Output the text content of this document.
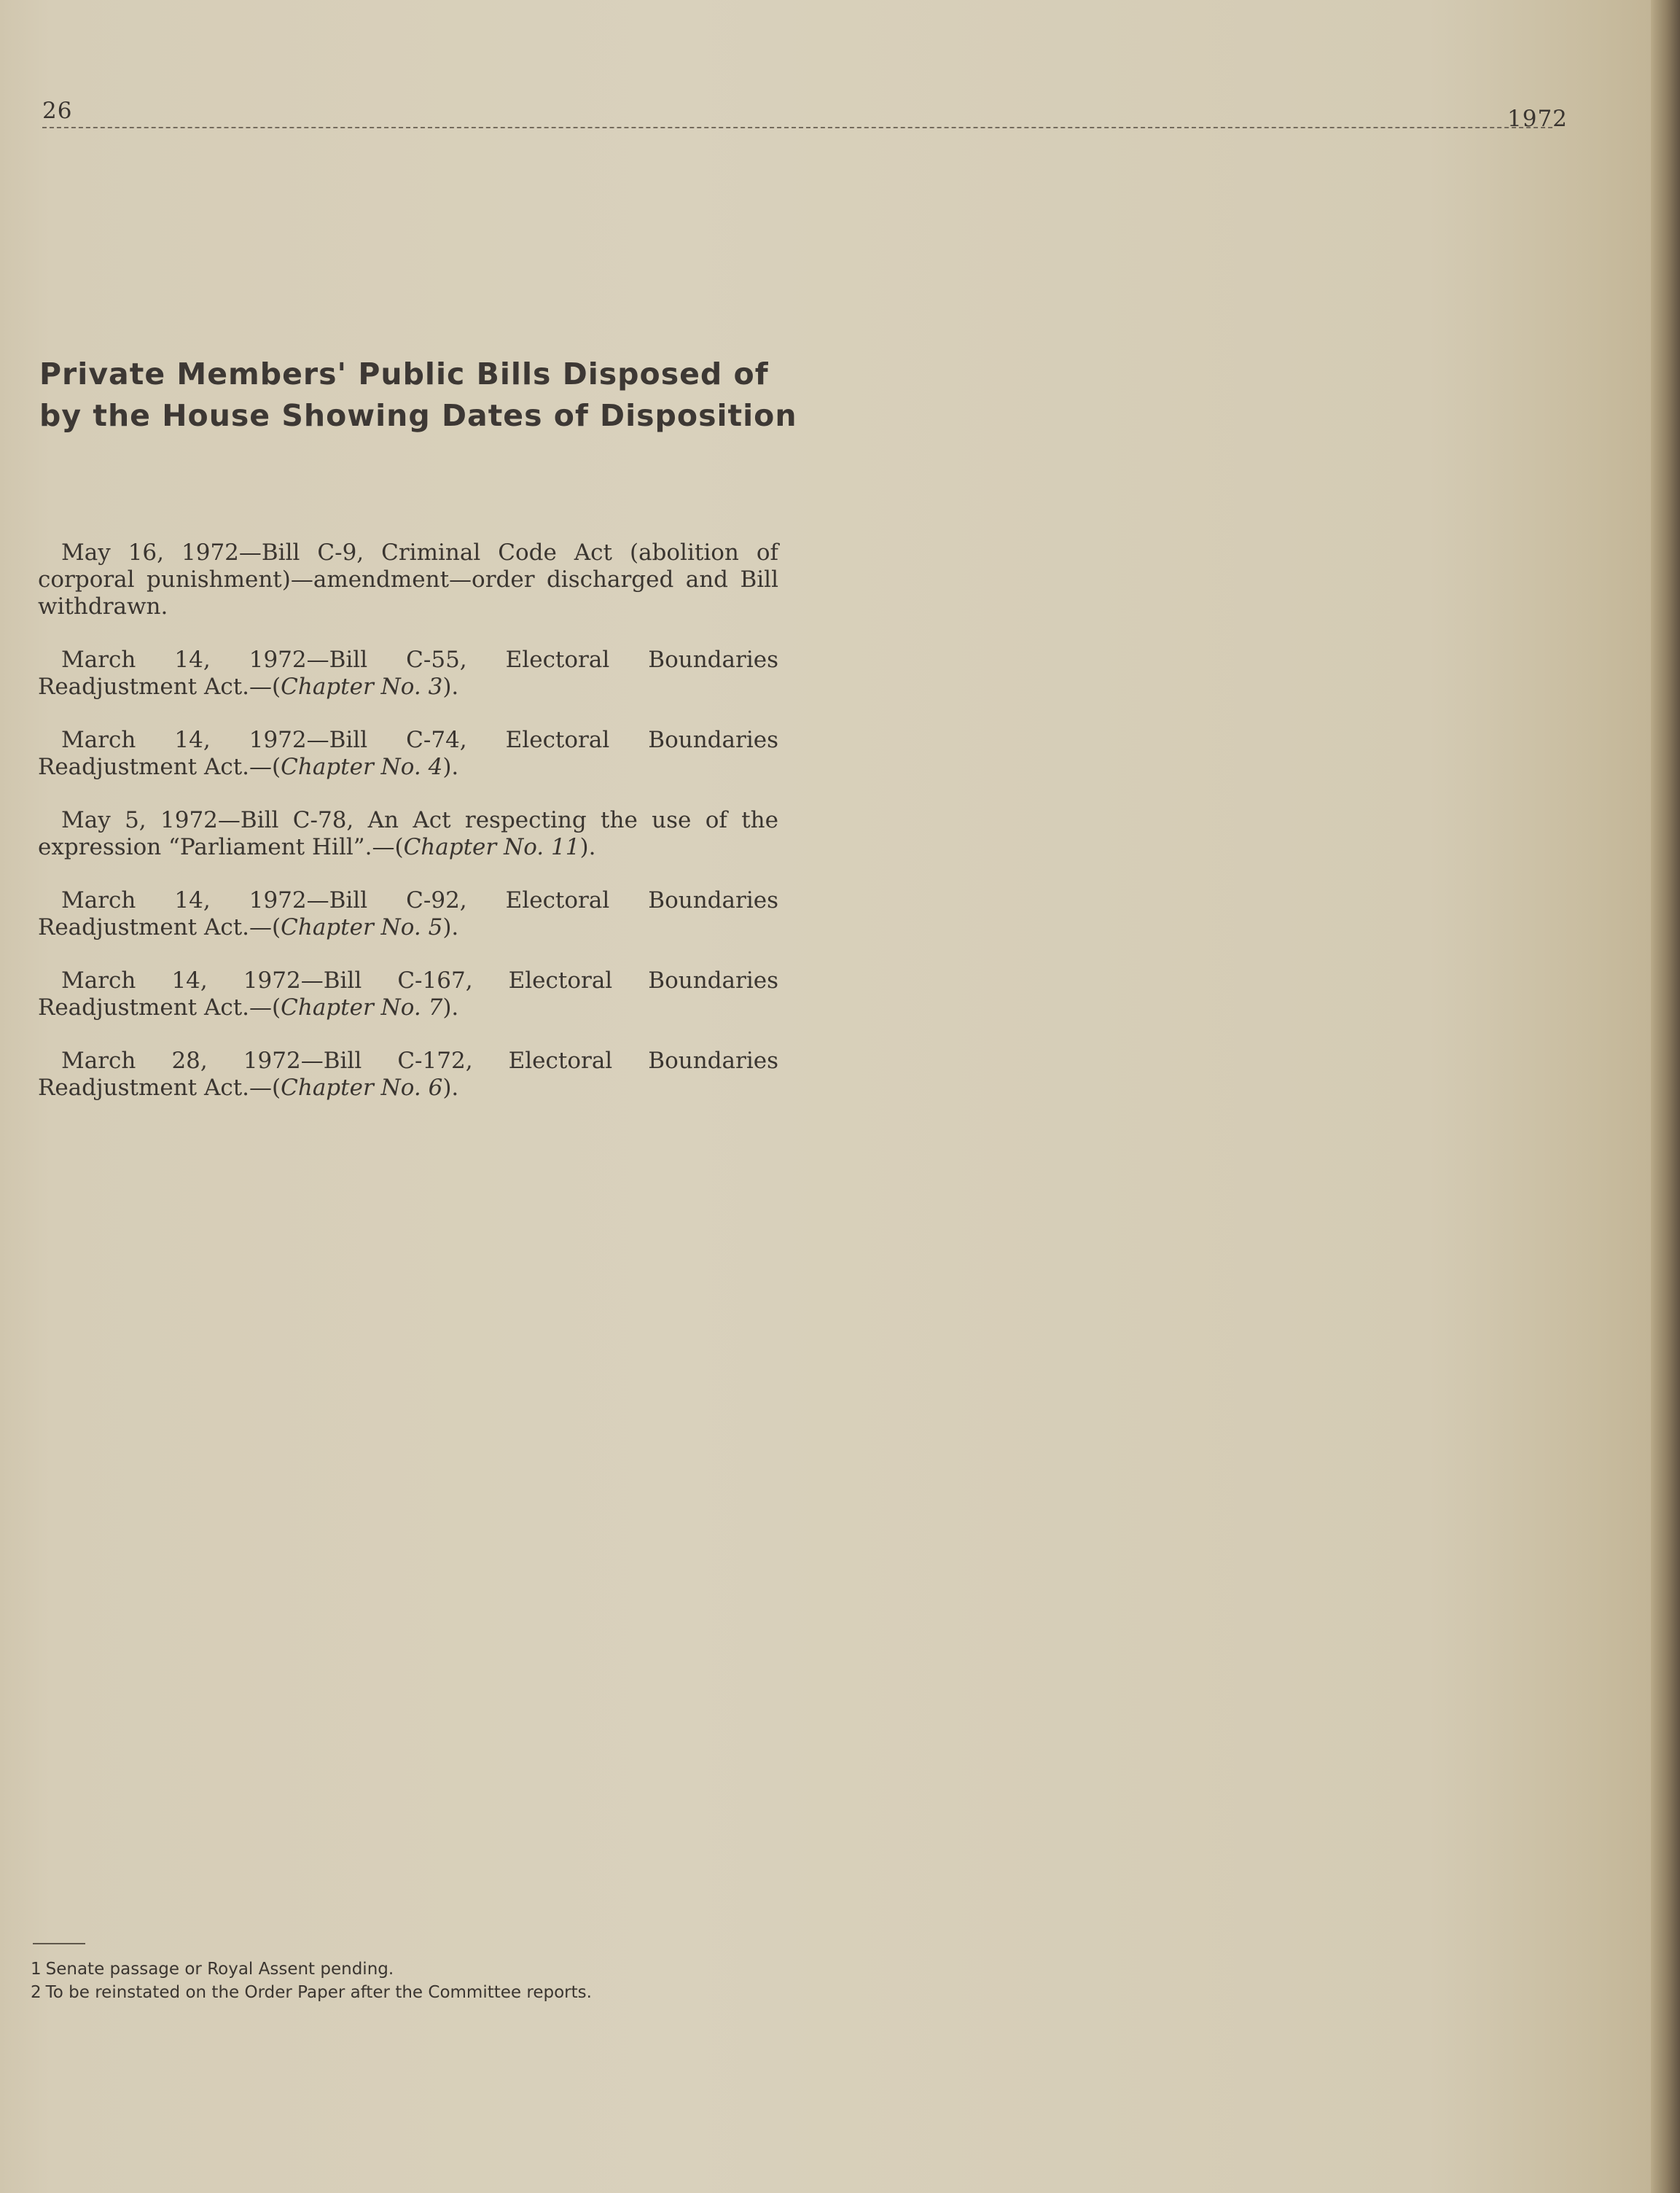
26	1972
Private Members' Public Bills Disposed of by the House Showing Dates of Disposition

May 16, 1972—Bill C-9, Criminal Code Act (abolition of corporal punishment)—amendment—order discharged and Bill withdrawn.

March 14, 1972—Bill C-55, Electoral Boundaries Readjustment Act.—(Chapter No. 3).

March 14, 1972—Bill C-74, Electoral Boundaries Readjustment Act.—(Chapter No. 4).

May 5, 1972—Bill C-78, An Act respecting the use of the expression “Parliament Hill”.—(Chapter No. 11).

March 14, 1972—Bill C-92, Electoral Boundaries Readjustment Act.—(Chapter No. 5).

March 14, 1972—Bill C-167, Electoral Boundaries Readjustment Act.—(Chapter No. 7).

March 28, 1972—Bill C-172, Electoral Boundaries Readjustment Act.—(Chapter No. 6).

1 Senate passage or Royal Assent pending.

2 To be reinstated on the Order Paper after the Committee reports.
